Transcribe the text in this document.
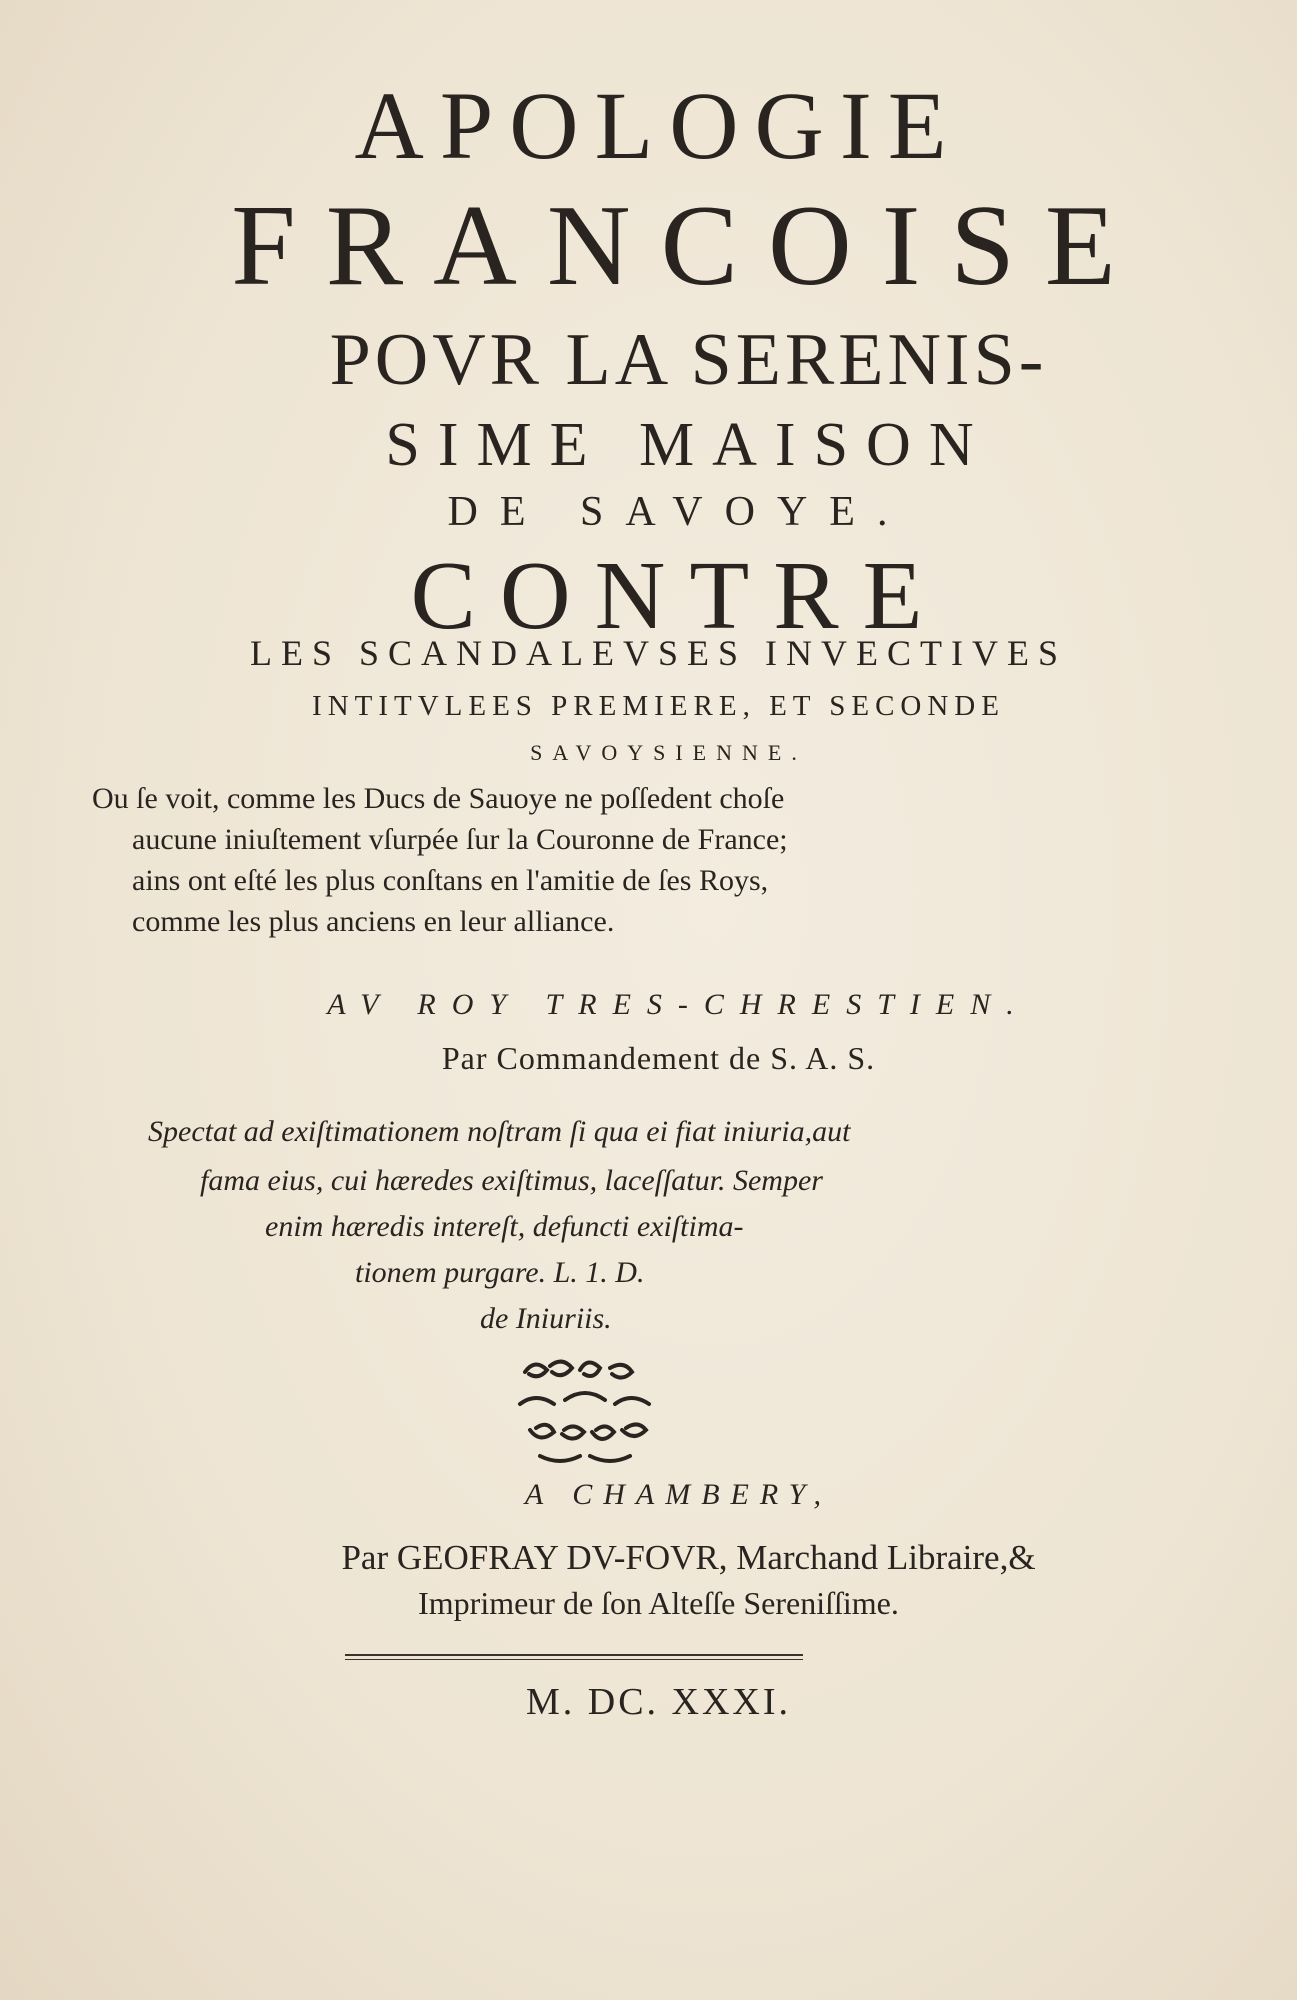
APOLOGIE
FRANCOISE
POVR LA SERENIS-
SIME MAISON
DE SAVOYE.
CONTRE
LES SCANDALEVSES INVECTIVES
INTITVLEES PREMIERE, ET SECONDE
SAVOYSIENNE.
Ou ſe voit, comme les Ducs de Sauoye ne poſſedent choſe
aucune iniuſtement vſurpée ſur la Couronne de France;
ains ont eſté les plus conſtans en l'amitie de ſes Roys,
comme les plus anciens en leur alliance.
AV ROY TRES-CHRESTIEN.
Par Commandement de S. A. S.
Spectat ad exiſtimationem noſtram ſi qua ei fiat iniuria,aut
fama eius, cui hæredes exiſtimus, laceſſatur. Semper
enim hæredis intereſt, defuncti exiſtima-
tionem purgare. L. 1. D.
de Iniuriis.
A CHAMBERY,
Par GEOFRAY DV-FOVR, Marchand Libraire,&
Imprimeur de ſon Alteſſe Sereniſſime.
M. DC. XXXI.
